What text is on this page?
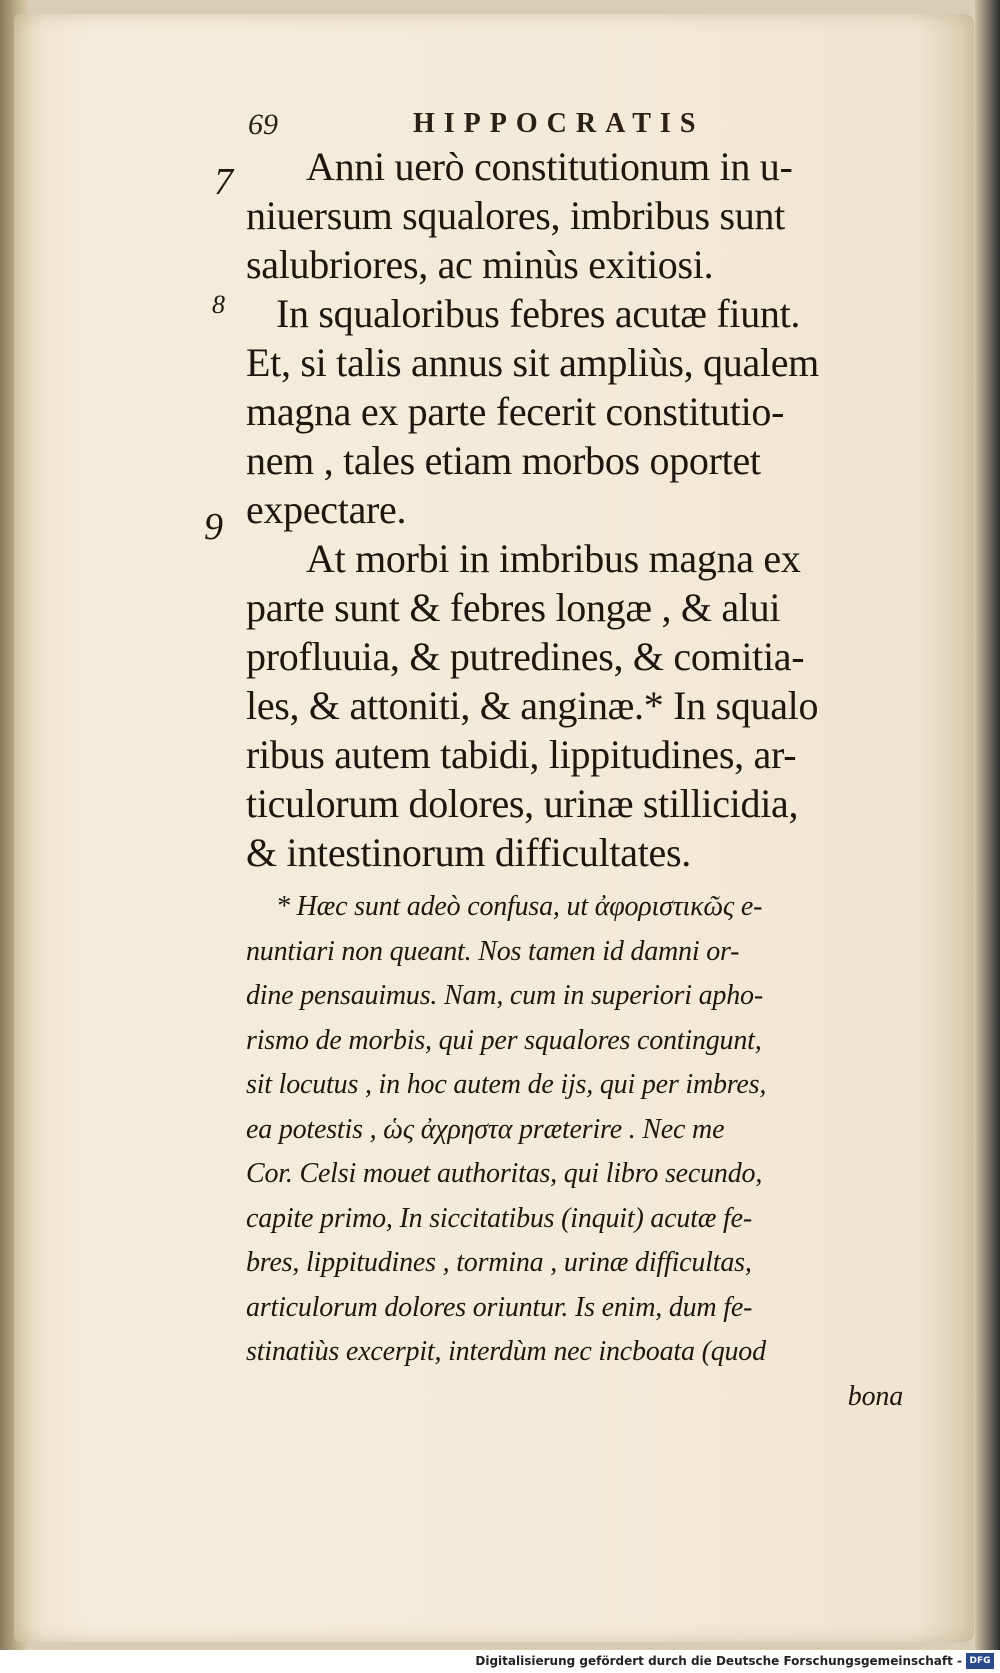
69	HIPPOCRATIS
7
8
9
Anni uerò constitutionum in u-
niuersum squalores, imbribus sunt
salubriores, ac minùs exitiosi.
In squaloribus febres acutæ fiunt.
Et, si talis annus sit ampliùs, qualem
magna ex parte fecerit constitutio-
nem , tales etiam morbos oportet
expectare.
At morbi in imbribus magna ex
parte sunt & febres longæ , & alui
profluuia, & putredines, & comitia-
les, & attoniti, & anginæ.* In squalo
ribus autem tabidi, lippitudines, ar-
ticulorum dolores, urinæ stillicidia,
& intestinorum difficultates.
* Hæc sunt adeò confusa, ut ἀφοριστικῶς e-
nuntiari non queant. Nos tamen id damni or-
dine pensauimus. Nam, cum in superiori apho-
rismo de morbis, qui per squalores contingunt,
sit locutus , in hoc autem de ijs, qui per imbres,
ea potestis , ὡς ἀχρηστα præterire . Nec me
Cor. Celsi mouet authoritas, qui libro secundo,
capite primo, In siccitatibus (inquit) acutæ fe-
bres, lippitudines , tormina , urinæ difficultas,
articulorum dolores oriuntur. Is enim, dum fe-
stinatiùs excerpit, interdùm nec incboata (quod
bona
Digitalisierung gefördert durch die Deutsche Forschungsgemeinschaft - DFG
